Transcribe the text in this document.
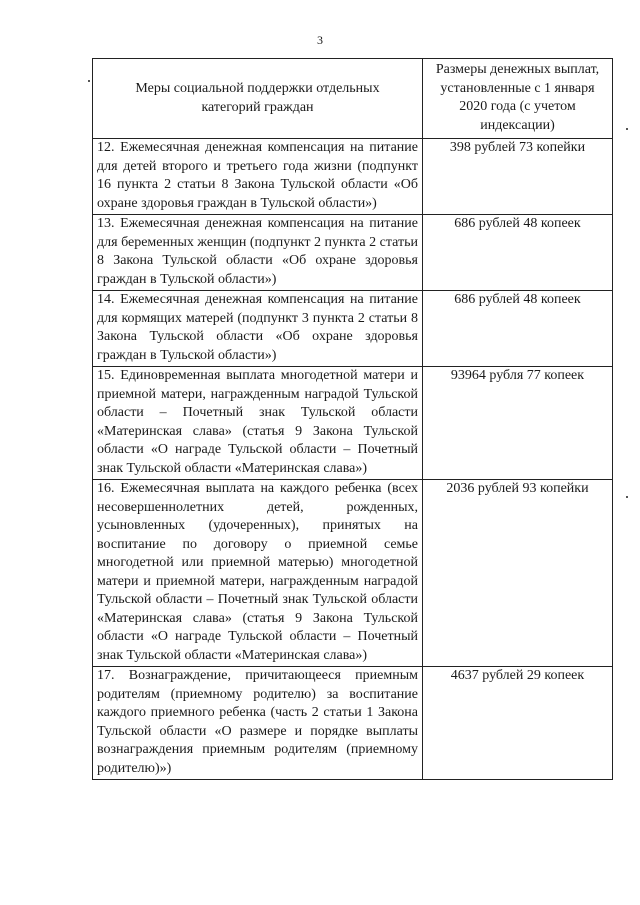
3
Меры социальной поддержки отдельных категорий граждан	Размеры денежных выплат, установленные с 1 января 2020 года (с учетом индексации)
12. Ежемесячная денежная компенсация на питание для детей второго и третьего года жизни (подпункт 16 пункта 2 статьи 8 Закона Тульской области «Об охране здоровья граждан в Тульской области»)	398 рублей 73 копейки
13. Ежемесячная денежная компенсация на питание для беременных женщин (подпункт 2 пункта 2 статьи 8 Закона Тульской области «Об охране здоровья граждан в Тульской области»)	686 рублей 48 копеек
14. Ежемесячная денежная компенсация на питание для кормящих матерей (подпункт 3 пункта 2 статьи 8 Закона Тульской области «Об охране здоровья граждан в Тульской области»)	686 рублей 48 копеек
15. Единовременная выплата многодетной матери и приемной матери, награжденным наградой Тульской области – Почетный знак Тульской области «Материнская слава» (статья 9 Закона Тульской области «О награде Тульской области – Почетный знак Тульской области «Материнская слава»)	93964 рубля 77 копеек
16. Ежемесячная выплата на каждого ребенка (всех несовершеннолетних детей, рожденных, усыновленных (удочеренных), принятых на воспитание по договору о приемной семье многодетной или приемной матерью) многодетной матери и приемной матери, награжденным наградой Тульской области – Почетный знак Тульской области «Материнская слава» (статья 9 Закона Тульской области «О награде Тульской области – Почетный знак Тульской области «Материнская слава»)	2036 рублей 93 копейки
17. Вознаграждение, причитающееся приемным родителям (приемному родителю) за воспитание каждого приемного ребенка (часть 2 статьи 1 Закона Тульской области «О размере и порядке выплаты вознаграждения приемным родителям (приемному родителю)»)	4637 рублей 29 копеек
